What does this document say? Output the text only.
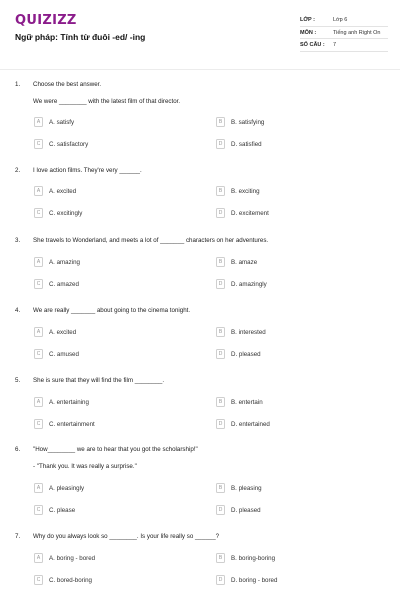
QUIZIZZ
Ngữ pháp: Tính từ đuôi -ed/ -ing
LỚP :	Lớp 6
MÔN :	Tiếng anh Right On
SỐ CÂU : 7
1. Choose the best answer.
We were ________ with the latest film of that director.
A	A. satisfy	B	B. satisfying
C	C. satisfactory	D	D. satisfied
2. I love action films. They're very ______.
A	A. excited	B	B. exciting
C	C. excitingly	D	D. excitement
3. She travels to Wonderland, and meets a lot of _______ characters on her adventures.
A	A. amazing	B	B. amaze
C	C. amazed	D	D. amazingly
4. We are really _______ about going to the cinema tonight.
A	A. excited	B	B. interested
C	C. amused	D	D. pleased
5. She is sure that they will find the film ________.
A	A. entertaining	B	B. entertain
C	C. entertainment	D	D. entertained
6. "How________ we are to hear that you got the scholarship!"
- "Thank you. It was really a surprise."
A	A. pleasingly	B	B. pleasing
C	C. please	D	D. pleased
7. Why do you always look so ________. Is your life really so ______?
A	A. boring - bored	B	B. boring-boring
C	C. bored-boring	D	D. boring - bored
